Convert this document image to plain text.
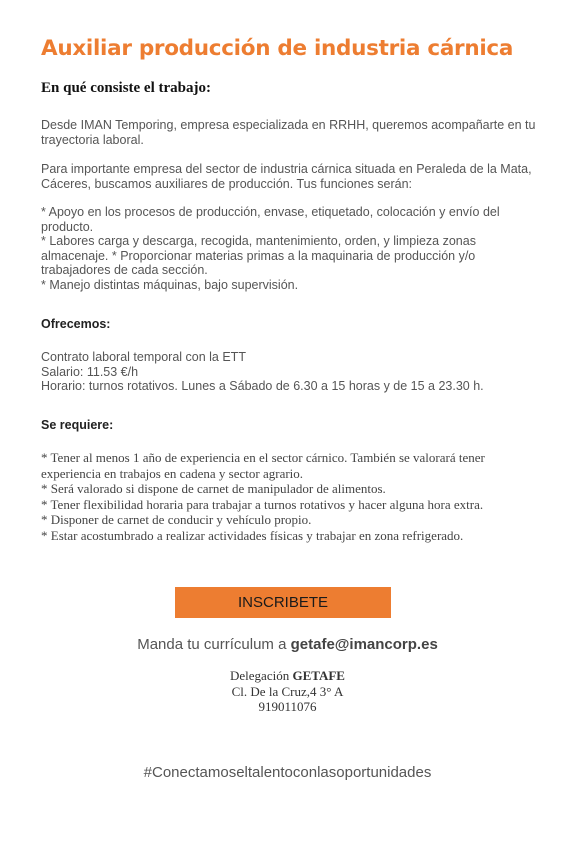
Auxiliar producción de industria cárnica
En qué consiste el trabajo:

Desde IMAN Temporing, empresa especializada en RRHH, queremos acompañarte en tu trayectoria laboral.

Para importante empresa del sector de industria cárnica situada en Peraleda de la Mata, Cáceres, buscamos auxiliares de producción. Tus funciones serán:

* Apoyo en los procesos de producción, envase, etiquetado, colocación y envío del producto.

* Labores carga y descarga, recogida, mantenimiento, orden, y limpieza zonas almacenaje. * Proporcionar materias primas a la maquinaria de producción y/o trabajadores de cada sección.

* Manejo distintas máquinas, bajo supervisión.

Ofrecemos:

Contrato laboral temporal con la ETT

Salario: 11.53 €/h

Horario: turnos rotativos. Lunes a Sábado de 6.30 a 15 horas y de 15 a 23.30 h.

Se requiere:

* Tener al menos 1 año de experiencia en el sector cárnico. También se valorará tener experiencia en trabajos en cadena y sector agrario.

* Será valorado si dispone de carnet de manipulador de alimentos.

* Tener flexibilidad horaria para trabajar a turnos rotativos y hacer alguna hora extra.

* Disponer de carnet de conducir y vehículo propio.

* Estar acostumbrado a realizar actividades físicas y trabajar en zona refrigerado.

INSCRIBETE

Manda tu currículum a getafe@imancorp.es

Delegación GETAFE

Cl. De la Cruz,4 3° A

919011076

#Conectamoseltalentoconlasoportunidades
